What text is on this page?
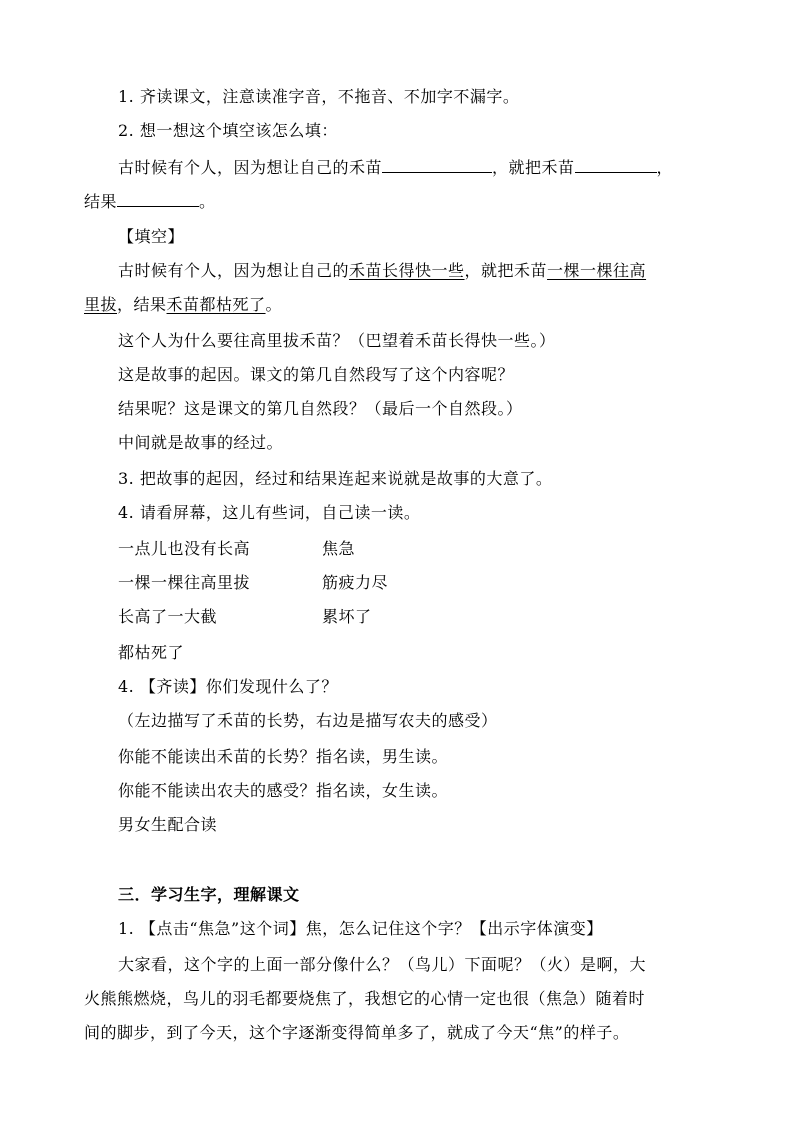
1. 齐读课文，注意读准字音，不拖音、不加字不漏字。
2. 想一想这个填空该怎么填：
古时候有个人，因为想让自己的禾苗	，就把禾苗	，
结果	。
【填空】
古时候有个人，因为想让自己的禾苗长得快一些，就把禾苗一棵一棵往高
里拔，结果禾苗都枯死了。
这个人为什么要往高里拔禾苗？（巴望着禾苗长得快一些。）
这是故事的起因。课文的第几自然段写了这个内容呢？
结果呢？这是课文的第几自然段？（最后一个自然段。）
中间就是故事的经过。
3. 把故事的起因，经过和结果连起来说就是故事的大意了。
4. 请看屏幕，这儿有些词，自己读一读。
一点儿也没有长高	焦急
一棵一棵往高里拔	筋疲力尽
长高了一大截	累坏了
都枯死了
4. 【齐读】你们发现什么了？
（左边描写了禾苗的长势，右边是描写农夫的感受）
你能不能读出禾苗的长势？指名读，男生读。
你能不能读出农夫的感受？指名读，女生读。
男女生配合读
三．学习生字，理解课文
1. 【点击“焦急”这个词】焦，怎么记住这个字？【出示字体演变】
大家看，这个字的上面一部分像什么？（鸟儿）下面呢？（火）是啊，大
火熊熊燃烧，鸟儿的羽毛都要烧焦了，我想它的心情一定也很（焦急）随着时
间的脚步，到了今天，这个字逐渐变得简单多了，就成了今天“焦”的样子。
